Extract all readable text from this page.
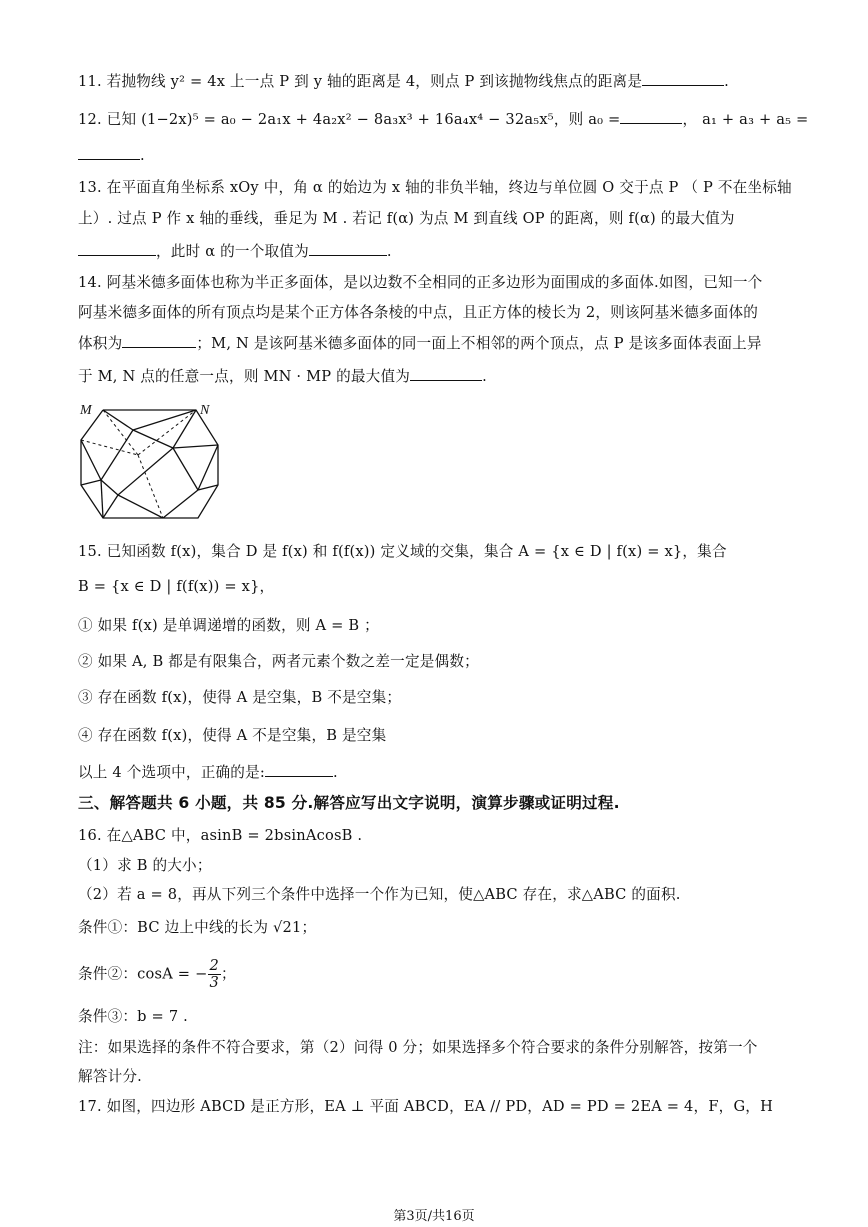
11. 若抛物线 y² = 4x 上一点 P 到 y 轴的距离是 4，则点 P 到该抛物线焦点的距离是	.
12. 已知 (1−2x)⁵ = a₀ − 2a₁x + 4a₂x² − 8a₃x³ + 16a₄x⁴ − 32a₅x⁵，则 a₀ =	， a₁ + a₃ + a₅ =
.
13. 在平面直角坐标系 xOy 中，角 α 的始边为 x 轴的非负半轴，终边与单位圆 O 交于点 P （ P 不在坐标轴
上）. 过点 P 作 x 轴的垂线，垂足为 M . 若记 f(α) 为点 M 到直线 OP 的距离，则 f(α) 的最大值为
，此时 α 的一个取值为	.
14. 阿基米德多面体也称为半正多面体，是以边数不全相同的正多边形为面围成的多面体.如图，已知一个
阿基米德多面体的所有顶点均是某个正方体各条棱的中点，且正方体的棱长为 2，则该阿基米德多面体的
体积为	；M, N 是该阿基米德多面体的同一面上不相邻的两个顶点，点 P 是该多面体表面上异
于 M, N 点的任意一点，则 MN · MP 的最大值为	.
M	N
15. 已知函数 f(x)，集合 D 是 f(x) 和 f(f(x)) 定义域的交集，集合 A = {x ∈ D | f(x) = x}，集合
B = {x ∈ D | f(f(x)) = x}，
① 如果 f(x) 是单调递增的函数，则 A = B ；
② 如果 A, B 都是有限集合，两者元素个数之差一定是偶数；
③ 存在函数 f(x)，使得 A 是空集，B 不是空集；
④ 存在函数 f(x)，使得 A 不是空集，B 是空集
以上 4 个选项中，正确的是:	.
三、解答题共 6 小题，共 85 分.解答应写出文字说明，演算步骤或证明过程.
16. 在△ABC 中，asinB = 2bsinAcosB .
（1）求 B 的大小；
（2）若 a = 8，再从下列三个条件中选择一个作为已知，使△ABC 存在，求△ABC 的面积.
条件①：BC 边上中线的长为 √21；
条件②：cosA = − $\frac{2}{3}$ ；
条件③：b = 7 .
注：如果选择的条件不符合要求，第（2）问得 0 分；如果选择多个符合要求的条件分别解答，按第一个
解答计分.
17. 如图，四边形 ABCD 是正方形，EA ⊥ 平面 ABCD，EA // PD，AD = PD = 2EA = 4，F，G，H
第3页/共16页
